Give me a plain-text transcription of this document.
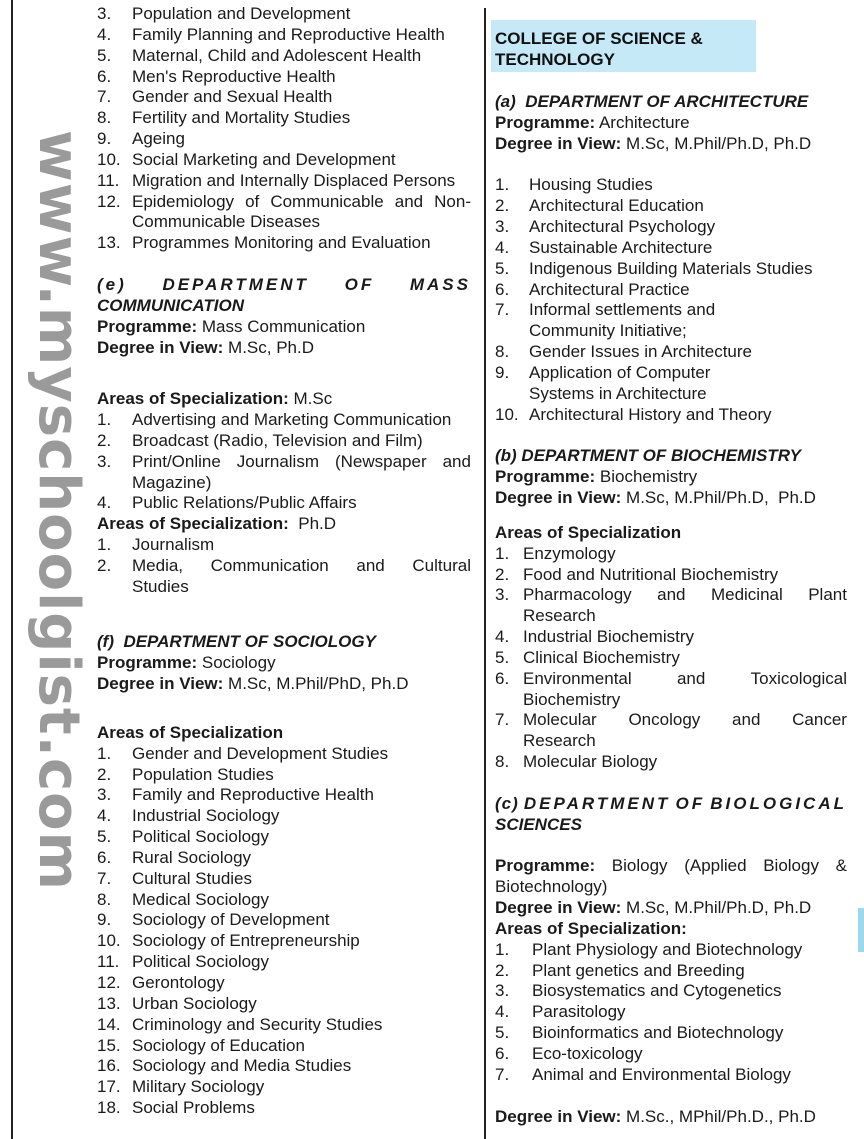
www.myschoolgist.com
3.	Population and Development
4.	Family Planning and Reproductive Health
5.	Maternal, Child and Adolescent Health
6.	Men's Reproductive Health
7.	Gender and Sexual Health
8.	Fertility and Mortality Studies
9.	Ageing
10. Social Marketing and Development
11. Migration and Internally Displaced Persons
12. Epidemiology of Communicable and Non-
Communicable Diseases
13. Programmes Monitoring and Evaluation
(e) DEPARTMENT OF MASS
COMMUNICATION
Programme: Mass Communication
Degree in View: M.Sc, Ph.D
Areas of Specialization: M.Sc
1.	Advertising and Marketing Communication
2.	Broadcast (Radio, Television and Film)
3.	Print/Online Journalism (Newspaper and
Magazine)
4.	Public Relations/Public Affairs
Areas of Specialization: Ph.D
1.	Journalism
2.	Media, Communication and Cultural
Studies
(f) DEPARTMENT OF SOCIOLOGY
Programme: Sociology
Degree in View: M.Sc, M.Phil/PhD, Ph.D
Areas of Specialization
1.	Gender and Development Studies
2.	Population Studies
3.	Family and Reproductive Health
4.	Industrial Sociology
5.	Political Sociology
6.	Rural Sociology
7.	Cultural Studies
8.	Medical Sociology
9.	Sociology of Development
10. Sociology of Entrepreneurship
11. Political Sociology
12. Gerontology
13. Urban Sociology
14. Criminology and Security Studies
15. Sociology of Education
16. Sociology and Media Studies
17. Military Sociology
18. Social Problems
COLLEGE OF SCIENCE &
TECHNOLOGY
(a)  DEPARTMENT OF ARCHITECTURE
Programme: Architecture
Degree in View: M.Sc, M.Phil/Ph.D, Ph.D
1.	Housing Studies
2.	Architectural Education
3.	Architectural Psychology
4.	Sustainable Architecture
5.	Indigenous Building Materials Studies
6.	Architectural Practice
7.	Informal settlements and
Community Initiative;
8.	Gender Issues in Architecture
9.	Application of Computer
Systems in Architecture
10. Architectural History and Theory
(b) DEPARTMENT OF BIOCHEMISTRY
Programme: Biochemistry
Degree in View: M.Sc, M.Phil/Ph.D,  Ph.D
Areas of Specialization
1. Enzymology
2. Food and Nutritional Biochemistry
3. Pharmacology and Medicinal Plant
Research
4. Industrial Biochemistry
5. Clinical Biochemistry
6. Environmental	and	Toxicological
Biochemistry
7. Molecular Oncology and Cancer
Research
8. Molecular Biology
(c) DEPARTMENT OF BIOLOGICAL
SCIENCES
Programme: Biology (Applied Biology &
Biotechnology)
Degree in View: M.Sc, M.Phil/Ph.D, Ph.D
Areas of Specialization:
1.	Plant Physiology and Biotechnology
2.	Plant genetics and Breeding
3.	Biosystematics and Cytogenetics
4.	Parasitology
5.	Bioinformatics and Biotechnology
6.	Eco-toxicology
7.	Animal and Environmental Biology
Degree in View: M.Sc., MPhil/Ph.D., Ph.D
